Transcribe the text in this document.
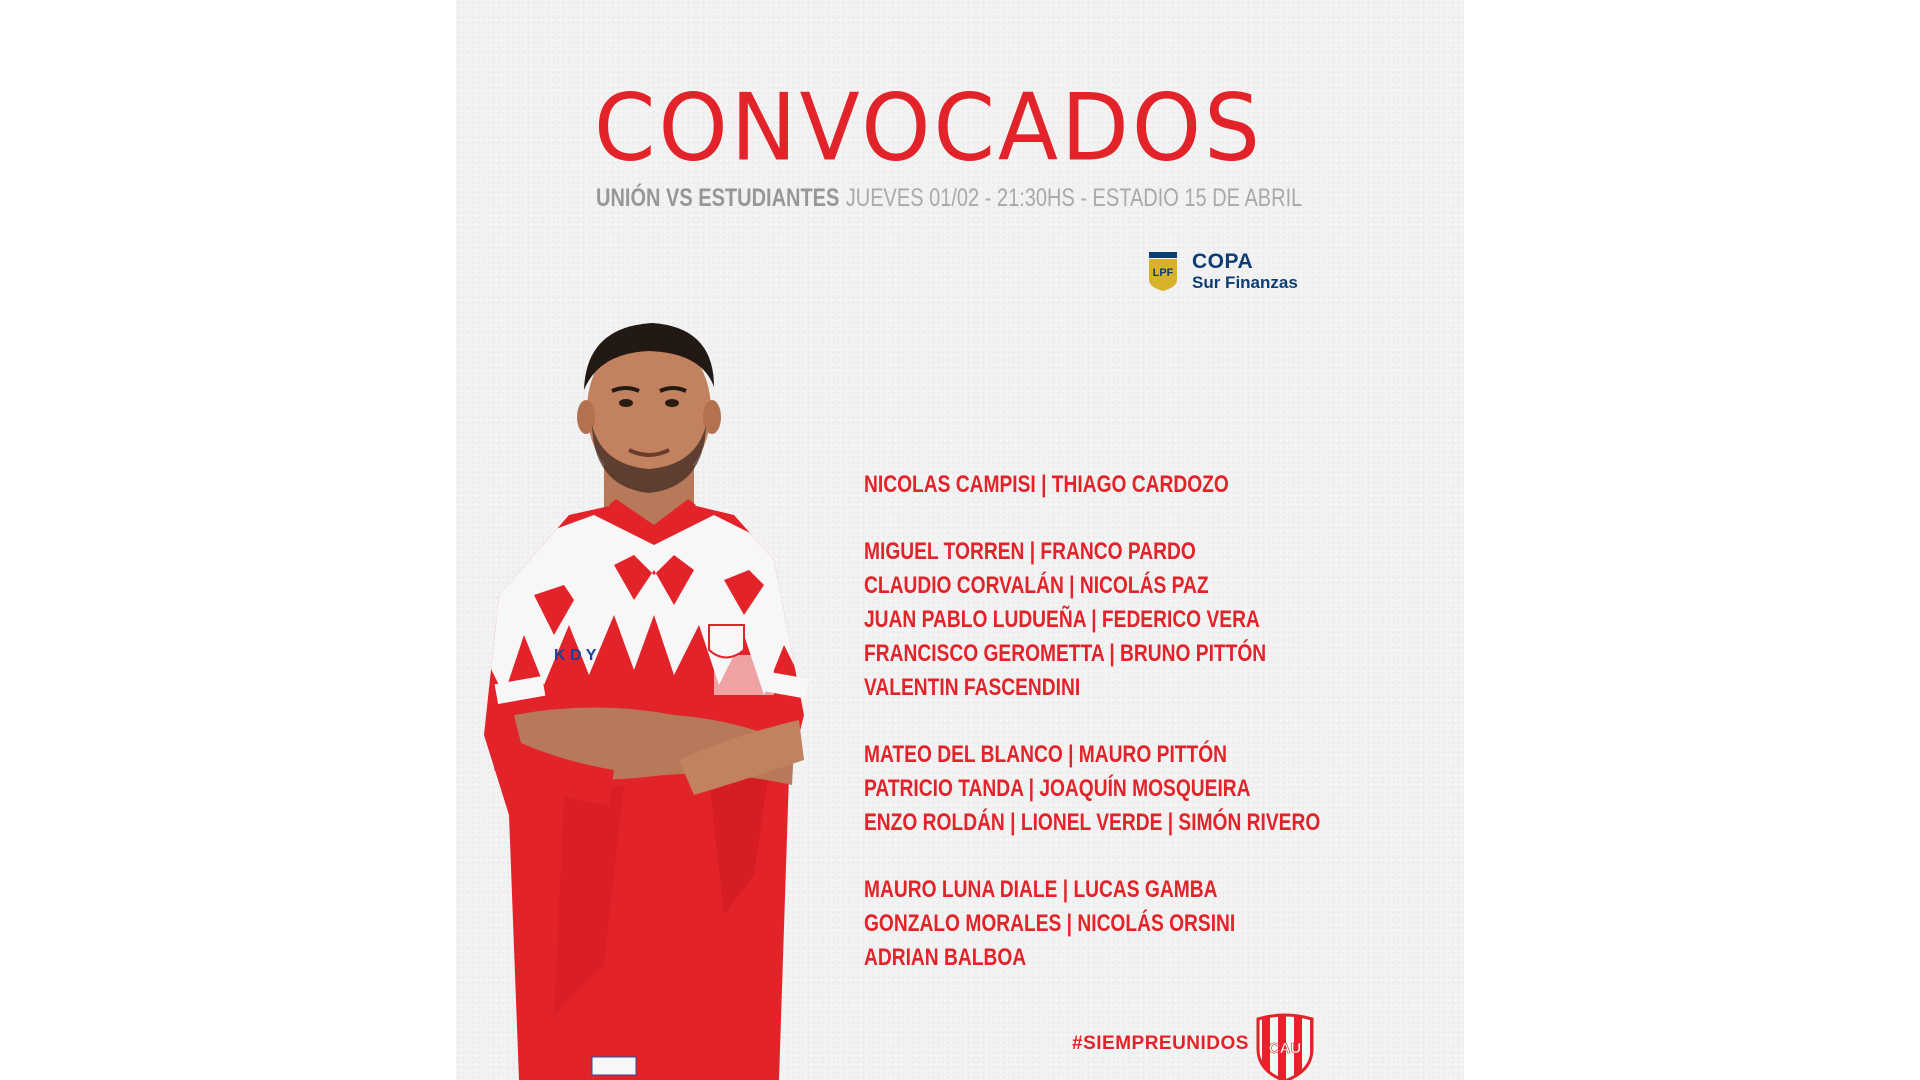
CONVOCADOS
UNIÓN VS ESTUDIANTES JUEVES 01/02 - 21:30HS - ESTADIO 15 DE ABRIL
LPF COPA
Sur Finanzas
K D Y
NICOLAS CAMPISI | THIAGO CARDOZO
MIGUEL TORREN | FRANCO PARDO
CLAUDIO CORVALÁN | NICOLÁS PAZ
JUAN PABLO LUDUEÑA | FEDERICO VERA
FRANCISCO GEROMETTA | BRUNO PITTÓN
VALENTIN FASCENDINI
MATEO DEL BLANCO | MAURO PITTÓN
PATRICIO TANDA | JOAQUÍN MOSQUEIRA
ENZO ROLDÁN | LIONEL VERDE | SIMÓN RIVERO
MAURO LUNA DIALE | LUCAS GAMBA
GONZALO MORALES | NICOLÁS ORSINI
ADRIAN BALBOA
#SIEMPREUNIDOS CAU
